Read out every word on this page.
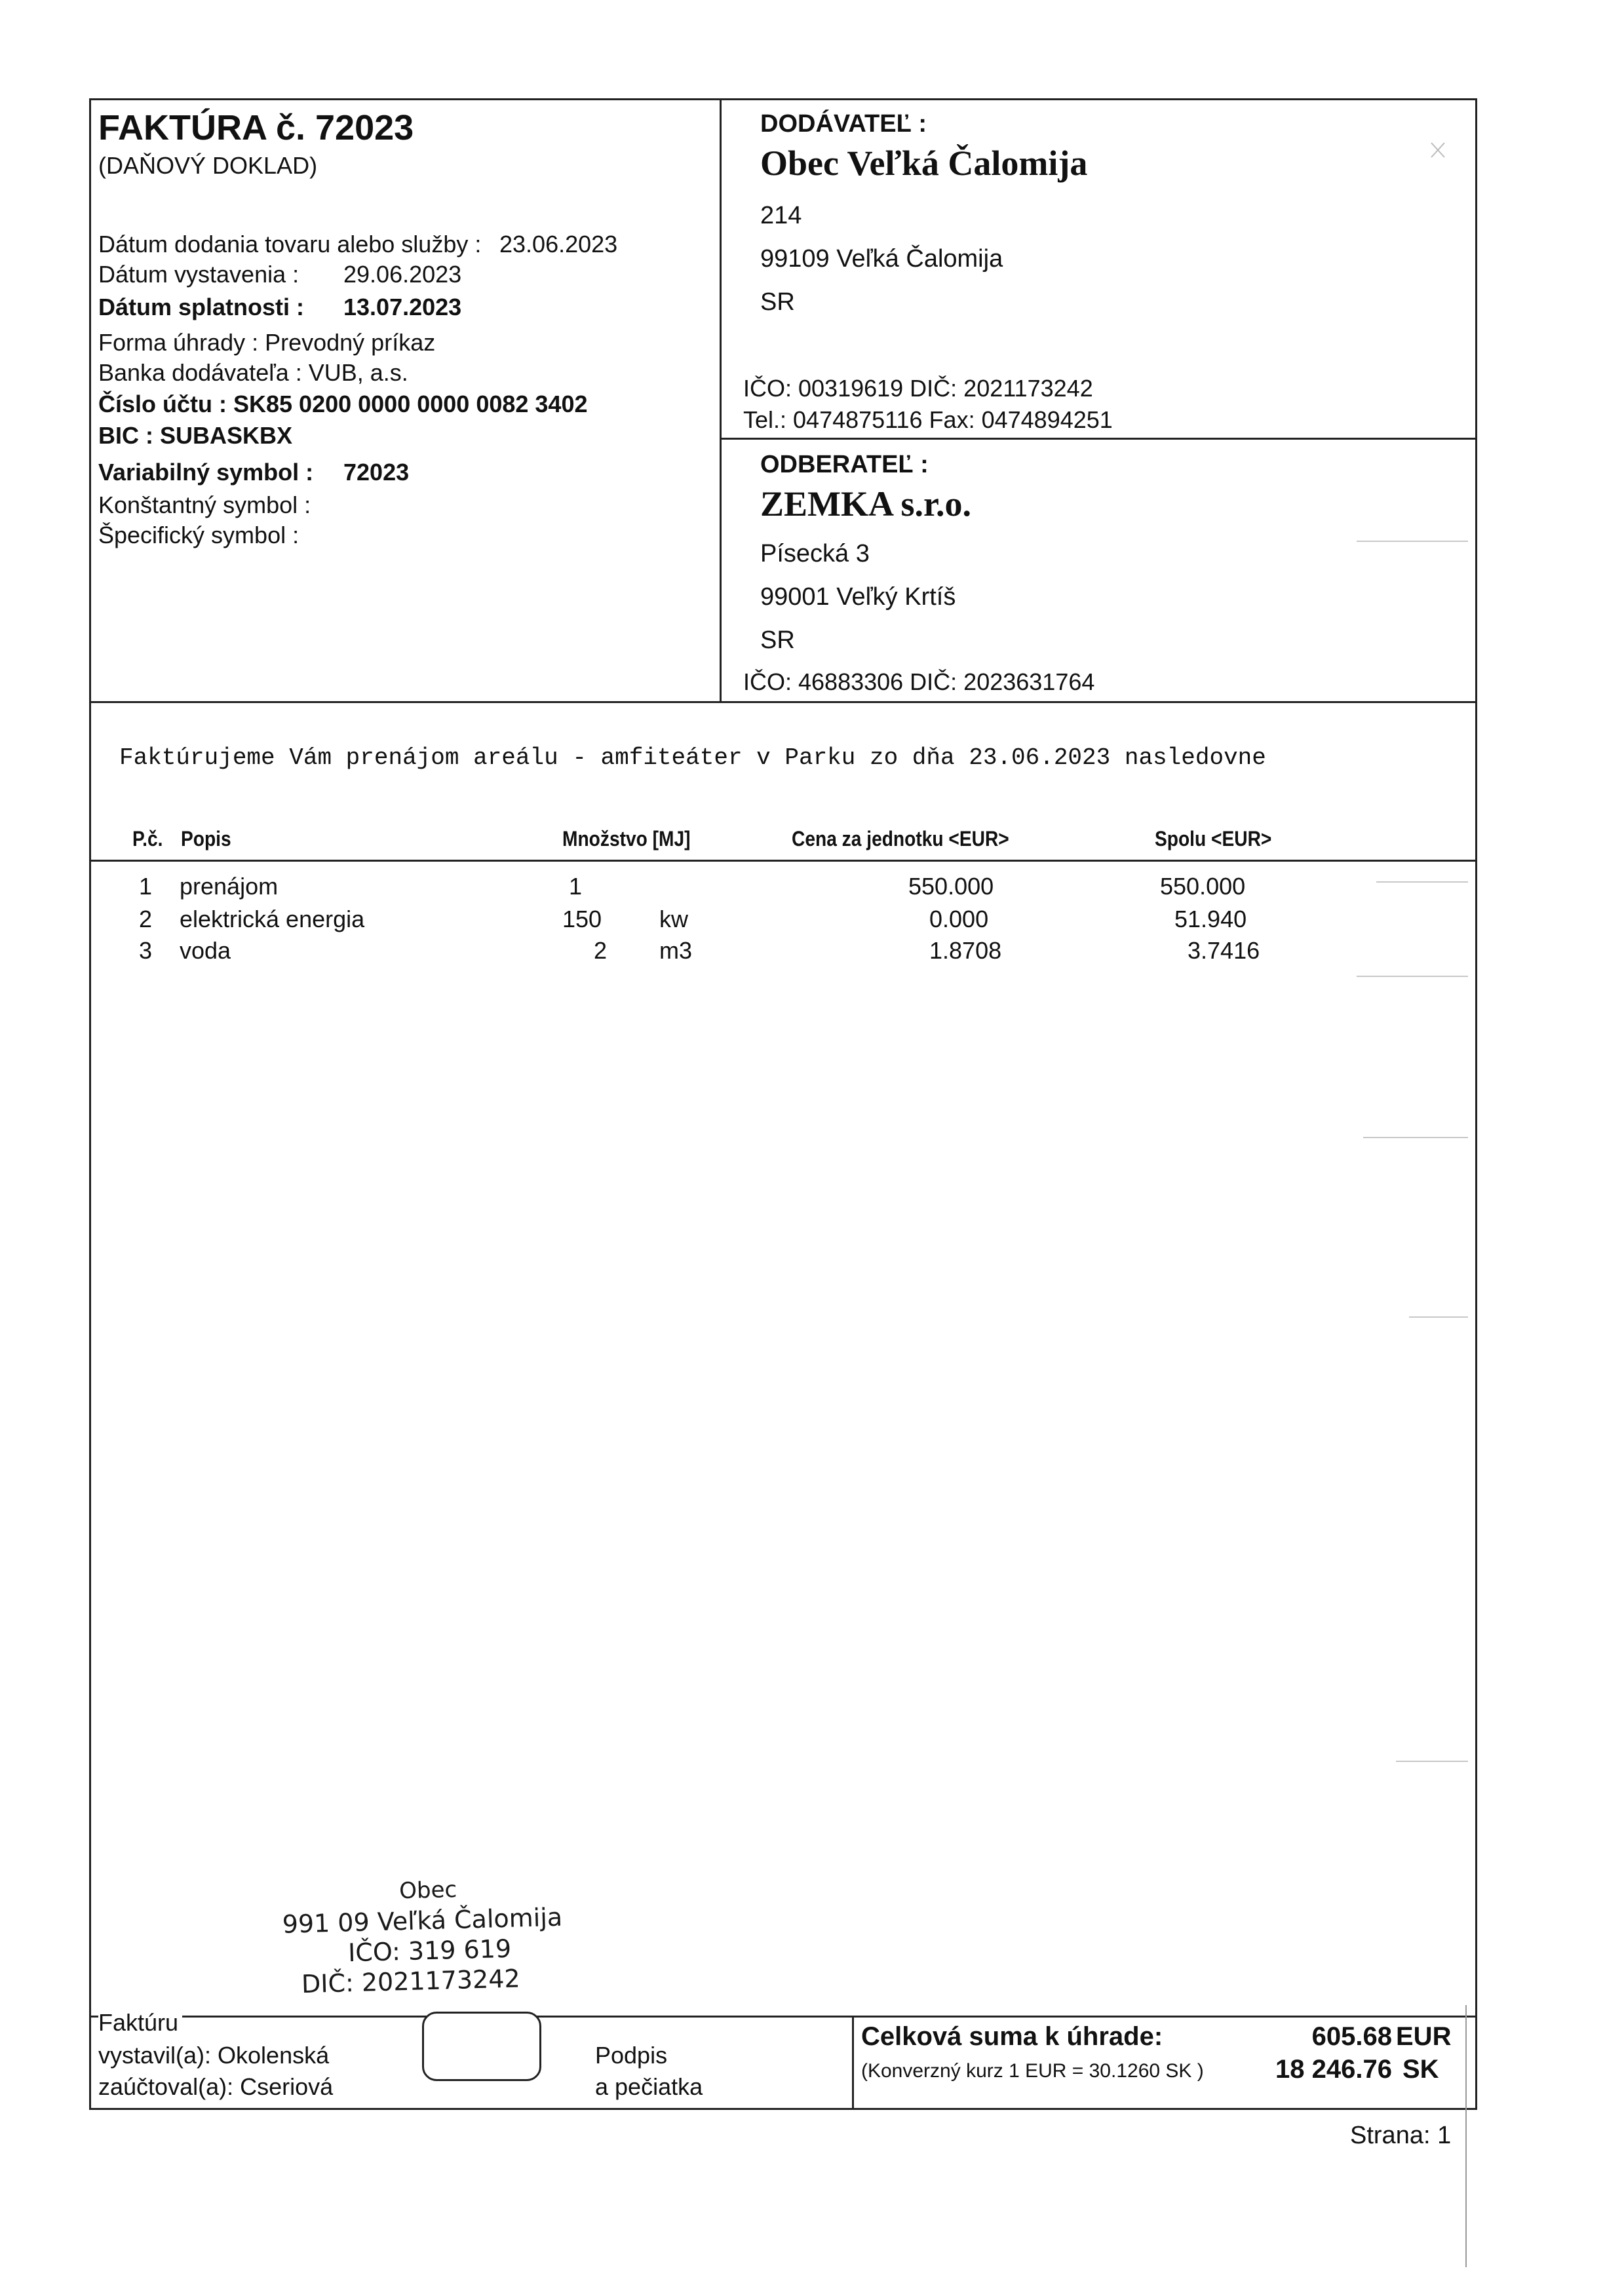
FAKTÚRA č. 72023
(DAŇOVÝ DOKLAD)
Dátum dodania tovaru alebo služby : 23.06.2023
Dátum vystavenia : 29.06.2023
Dátum splatnosti : 13.07.2023
Forma úhrady : Prevodný príkaz
Banka dodávateľa : VUB, a.s.
Číslo účtu : SK85 0200 0000 0000 0082 3402
BIC : SUBASKBX
Variabilný symbol : 72023
Konštantný symbol :
Špecifický symbol :
DODÁVATEĽ :
Obec Veľká Čalomija
214
99109 Veľká Čalomija
SR
IČO: 00319619 DIČ: 2021173242
Tel.: 0474875116 Fax: 0474894251
ODBERATEĽ :
ZEMKA s.r.o.
Písecká 3
99001 Veľký Krtíš
SR
IČO: 46883306 DIČ: 2023631764
Faktúrujeme Vám prenájom areálu - amfiteáter v Parku zo dňa 23.06.2023 nasledovne
P.č. Popis	Množstvo [MJ]	Cena za jednotku <EUR>	Spolu <EUR>
1 prenájom	1	550.000	550.000
2 elektrická energia	150 kw	0.000	51.940
3 voda	2 m3	1.8708	3.7416
Obec
991 09 Veľká Čalomija
IČO: 319 619
DIČ: 2021173242
Faktúru
vystavil(a): Okolenská
zaúčtoval(a): Cseriová
Podpis
a pečiatka
Celková suma k úhrade:	605.68 EUR
(Konverzný kurz 1 EUR = 30.1260 SK )	18 246.76 SK
Strana: 1
